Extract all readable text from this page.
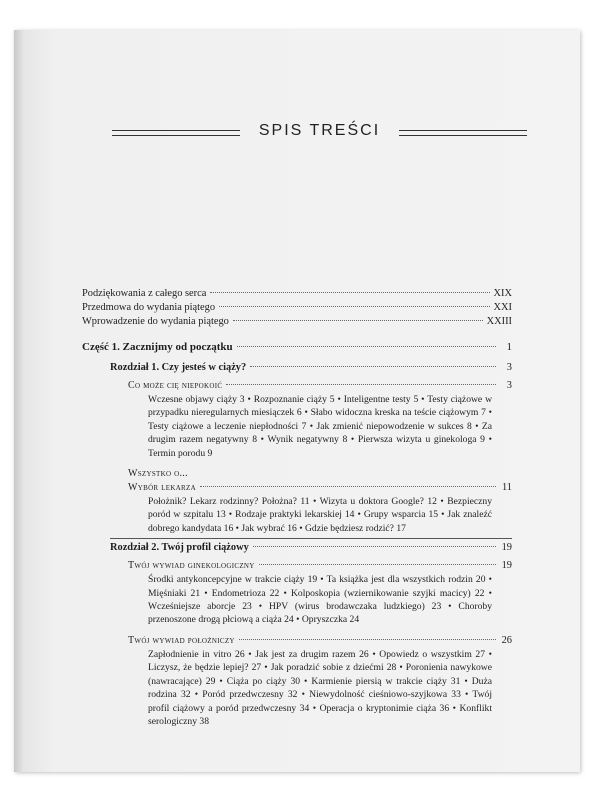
SPIS TREŚCI
Podziękowania z całego serca	XIX
Przedmowa do wydania piątego	XXI
Wprowadzenie do wydania piątego	XXIII
Część 1. Zacznijmy od początku	1
Rozdział 1. Czy jesteś w ciąży?	3
Co może cię niepokoić	3
Wczesne objawy ciąży 3 • Rozpoznanie ciąży 5 • Inteligentne testy 5 • Testy ciążowe w przypadku nieregularnych miesiączek 6 • Słabo widoczna kreska na teście ciążowym 7 • Testy ciążowe a leczenie niepłodności 7 • Jak zmienić niepowodzenie w sukces 8 • Za drugim razem negatywny 8 • Wynik negatywny 8 • Pierwsza wizyta u ginekologa 9 • Termin porodu 9
Wszystko o...
Wybór lekarza	11
Położnik? Lekarz rodzinny? Położna? 11 • Wizyta u doktora Google? 12 • Bezpieczny poród w szpitalu 13 • Rodzaje praktyki lekarskiej 14 • Grupy wsparcia 15 • Jak znaleźć dobrego kandydata 16 • Jak wybrać 16 • Gdzie będziesz rodzić? 17
Rozdział 2. Twój profil ciążowy	19
Twój wywiad ginekologiczny	19
Środki antykoncepcyjne w trakcie ciąży 19 • Ta książka jest dla wszystkich rodzin 20 • Mięśniaki 21 • Endometrioza 22 • Kolposkopia (wziernikowanie szyjki macicy) 22 • Wcześniejsze aborcje 23 • HPV (wirus brodawczaka ludzkiego) 23 • Choroby przenoszone drogą płciową a ciąża 24 • Opryszczka 24
Twój wywiad położniczy	26
Zapłodnienie in vitro 26 • Jak jest za drugim razem 26 • Opowiedz o wszystkim 27 • Liczysz, że będzie lepiej? 27 • Jak poradzić sobie z dziećmi 28 • Poronienia nawykowe (nawracające) 29 • Ciąża po ciąży 30 • Karmienie piersią w trakcie ciąży 31 • Duża rodzina 32 • Poród przedwczesny 32 • Niewydolność cieśniowo-szyjkowa 33 • Twój profil ciążowy a poród przedwczesny 34 • Operacja o kryptonimie ciąża 36 • Konflikt serologiczny 38
